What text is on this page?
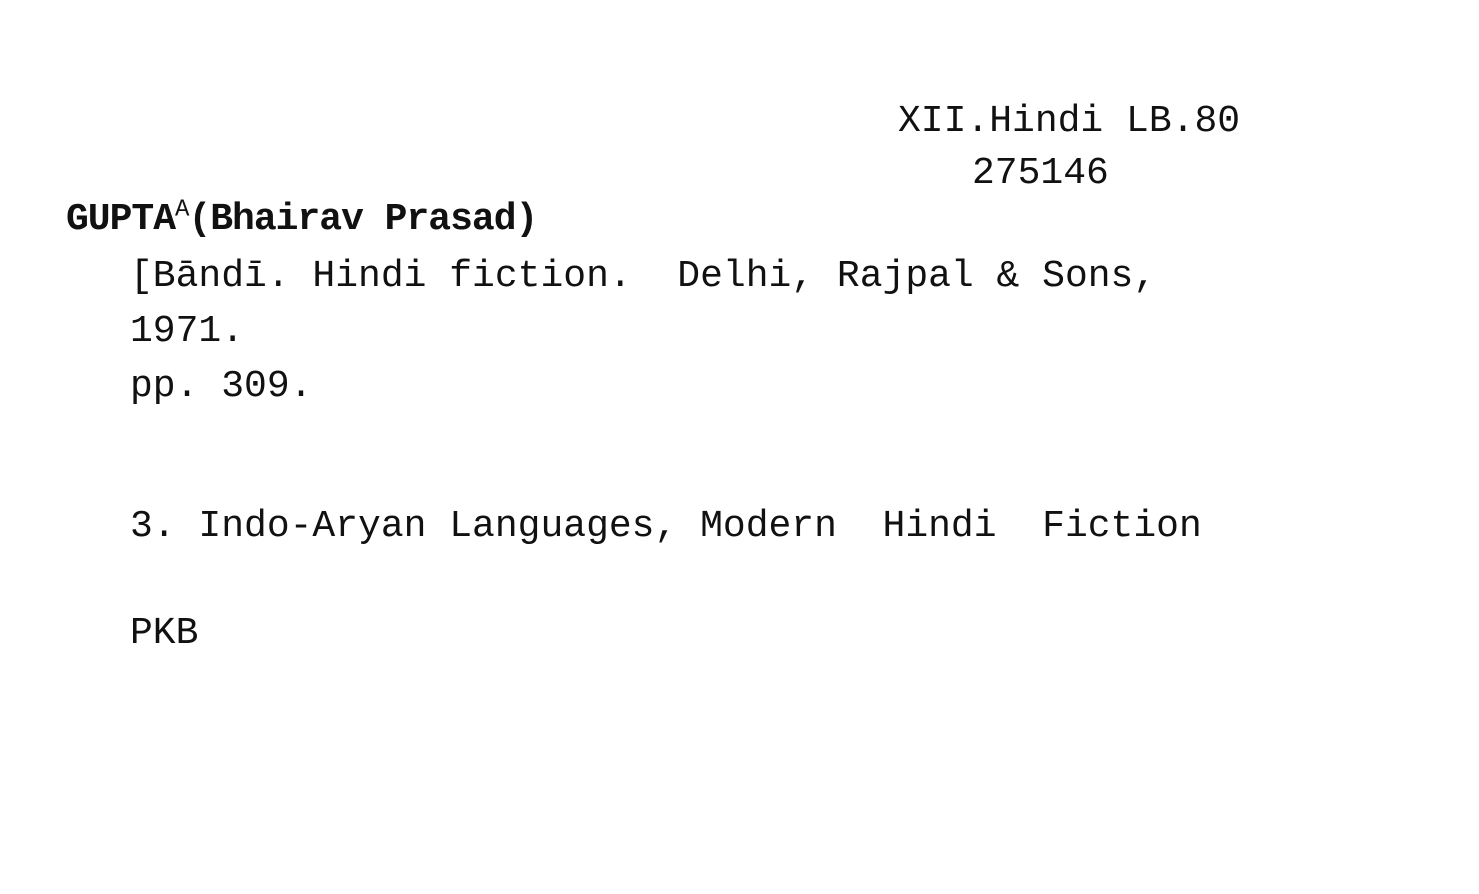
XII.Hindi LB.80
275146
$GUPTA^A(Bhairav$ Prasad)
[Bāndī. Hindi fiction.  Delhi, Rajpal & Sons,
1971.
pp. 309.
3. Indo-Aryan Languages, Modern  Hindi  Fiction
PKB
